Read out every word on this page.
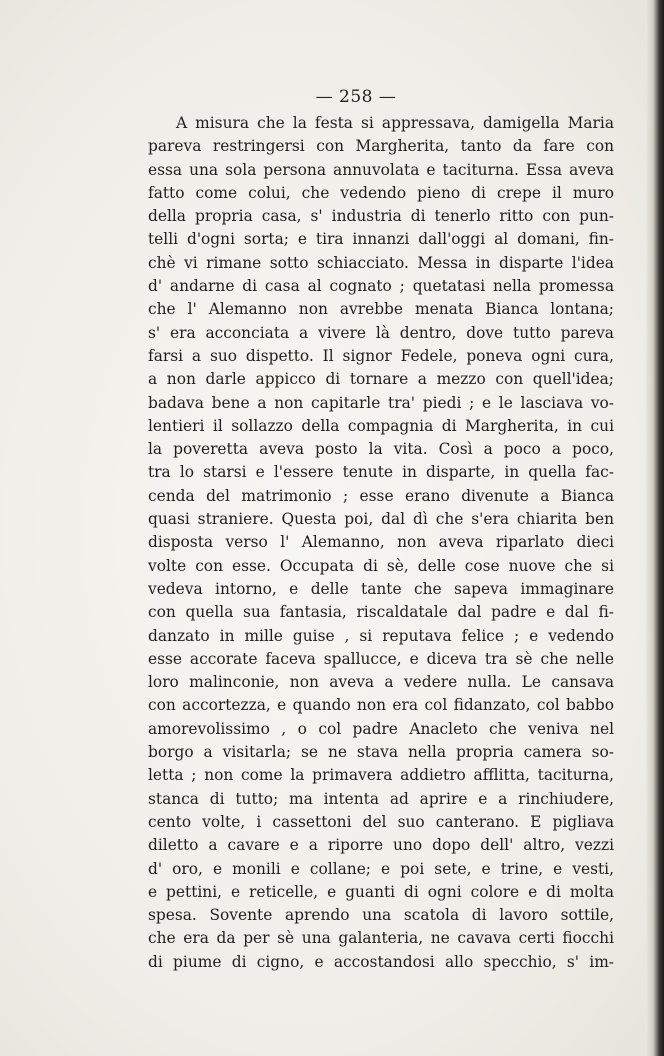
— 258 —
A misura che la festa si appressava, damigella Maria
pareva restringersi con Margherita, tanto da fare con
essa una sola persona annuvolata e taciturna. Essa aveva
fatto come colui, che vedendo pieno di crepe il muro
della propria casa, s' industria di tenerlo ritto con pun-
telli d'ogni sorta; e tira innanzi dall'oggi al domani, fin-
chè vi rimane sotto schiacciato. Messa in disparte l'idea
d' andarne di casa al cognato ; quetatasi nella promessa
che l' Alemanno non avrebbe menata Bianca lontana;
s' era acconciata a vivere là dentro, dove tutto pareva
farsi a suo dispetto. Il signor Fedele, poneva ogni cura,
a non darle appicco di tornare a mezzo con quell'idea;
badava bene a non capitarle tra' piedi ; e le lasciava vo-
lentieri il sollazzo della compagnia di Margherita, in cui
la poveretta aveva posto la vita. Così a poco a poco,
tra lo starsi e l'essere tenute in disparte, in quella fac-
cenda del matrimonio ; esse erano divenute a Bianca
quasi straniere. Questa poi, dal dì che s'era chiarita ben
disposta verso l' Alemanno, non aveva riparlato dieci
volte con esse. Occupata di sè, delle cose nuove che si
vedeva intorno, e delle tante che sapeva immaginare
con quella sua fantasia, riscaldatale dal padre e dal fi-
danzato in mille guise , si reputava felice ; e vedendo
esse accorate faceva spallucce, e diceva tra sè che nelle
loro malinconie, non aveva a vedere nulla. Le cansava
con accortezza, e quando non era col fidanzato, col babbo
amorevolissimo , o col padre Anacleto che veniva nel
borgo a visitarla; se ne stava nella propria camera so-
letta ; non come la primavera addietro afflitta, taciturna,
stanca di tutto; ma intenta ad aprire e a rinchiudere,
cento volte, i cassettoni del suo canterano. E pigliava
diletto a cavare e a riporre uno dopo dell' altro, vezzi
d' oro, e monili e collane; e poi sete, e trine, e vesti,
e pettini, e reticelle, e guanti di ogni colore e di molta
spesa. Sovente aprendo una scatola di lavoro sottile,
che era da per sè una galanteria, ne cavava certi fiocchi
di piume di cigno, e accostandosi allo specchio, s' im-
